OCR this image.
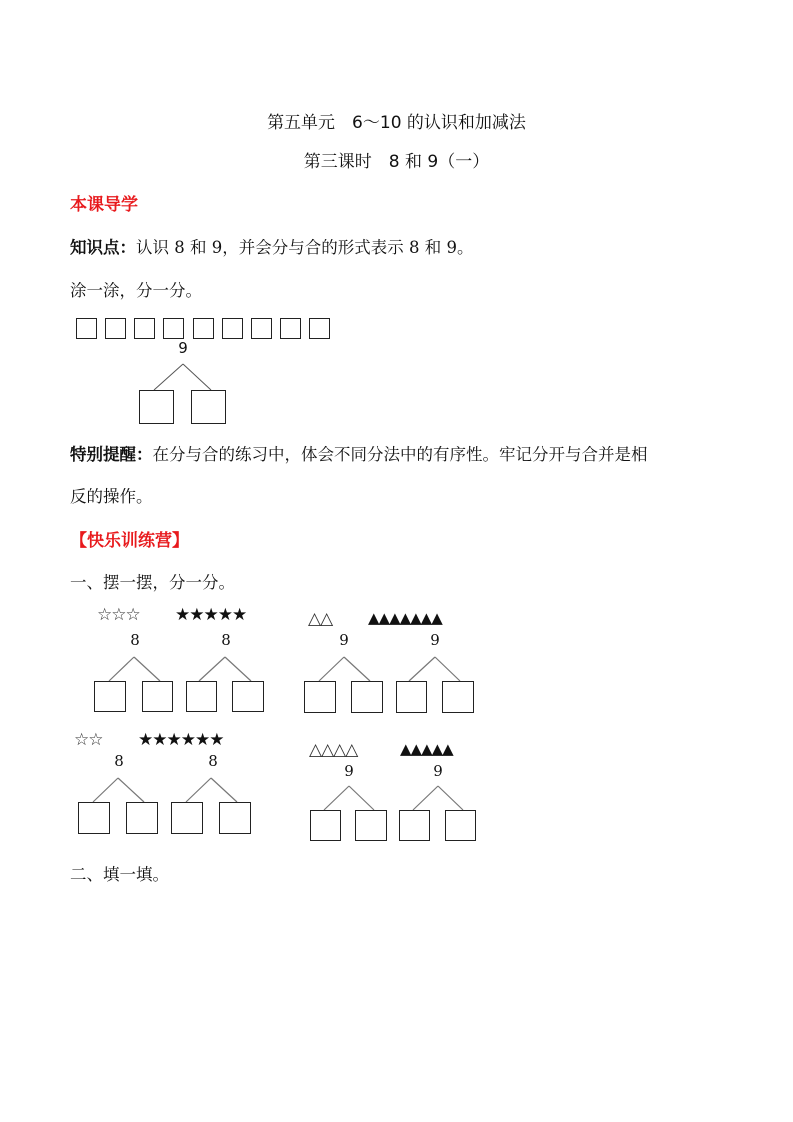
第五单元　6～10 的认识和加减法
第三课时　8 和 9（一）
本课导学
知识点：认识 8 和 9，并会分与合的形式表示 8 和 9。
涂一涂，分一分。
9
特别提醒：在分与合的练习中，体会不同分法中的有序性。牢记分开与合并是相
反的操作。
【快乐训练营】
一、摆一摆，分一分。
☆☆☆ ★★★★★
8	8
△△ ▲▲▲▲▲▲▲
9	9
☆☆ ★★★★★★
8	8
△△△△	▲▲▲▲▲
9	9
二、填一填。
